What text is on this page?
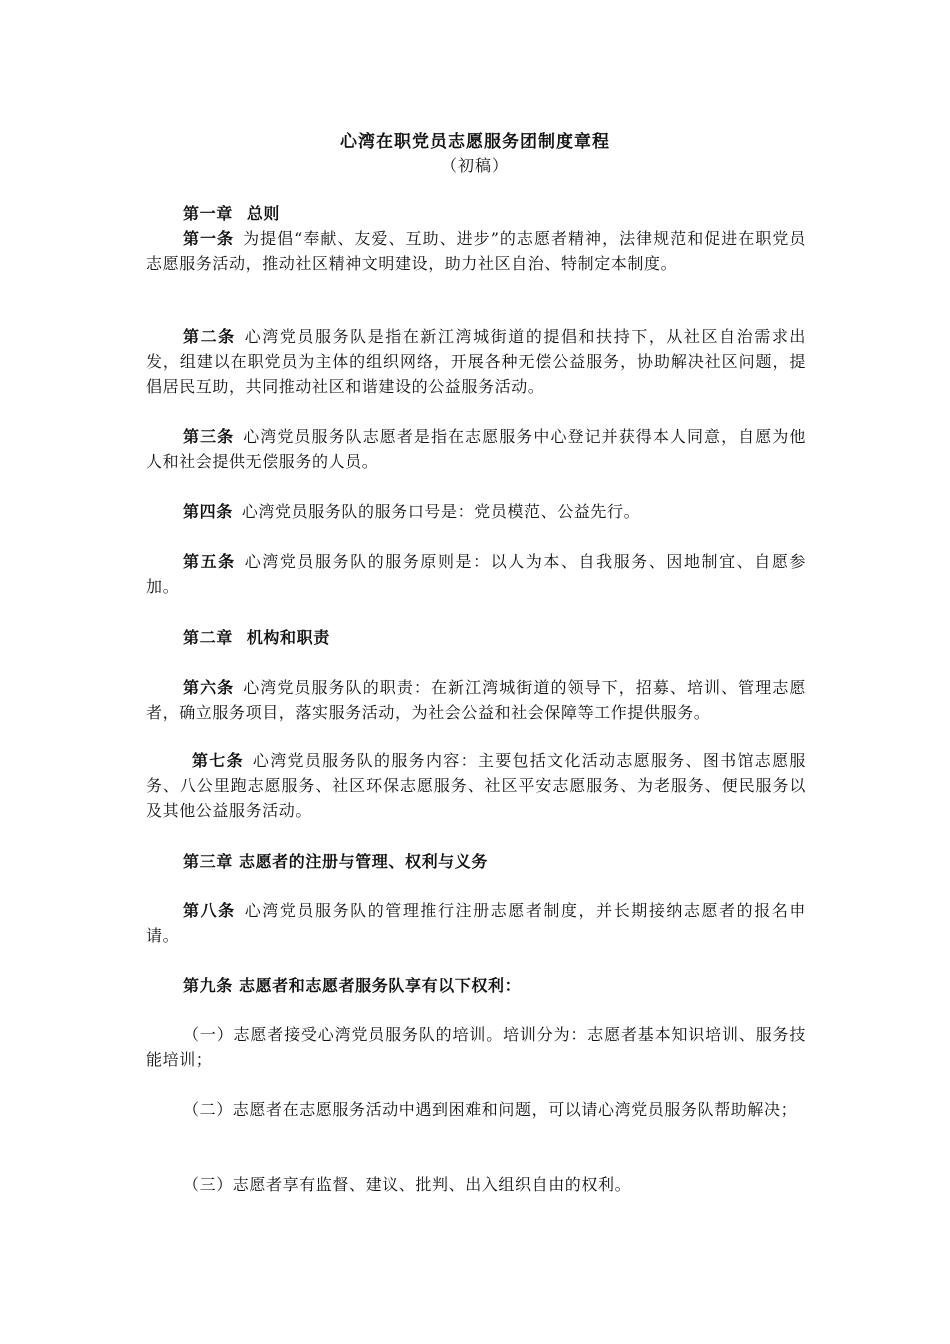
心湾在职党员志愿服务团制度章程
（初稿）
第一章 总则
第一条 为提倡“奉献、友爱、互助、进步”的志愿者精神，法律规范和促进在职党员志愿服务活动，推动社区精神文明建设，助力社区自治、特制定本制度。
第二条 心湾党员服务队是指在新江湾城街道的提倡和扶持下，从社区自治需求出发，组建以在职党员为主体的组织网络，开展各种无偿公益服务，协助解决社区问题，提倡居民互助，共同推动社区和谐建设的公益服务活动。
第三条 心湾党员服务队志愿者是指在志愿服务中心登记并获得本人同意，自愿为他人和社会提供无偿服务的人员。
第四条 心湾党员服务队的服务口号是：党员模范、公益先行。
第五条 心湾党员服务队的服务原则是：以人为本、自我服务、因地制宜、自愿参加。
第二章 机构和职责
第六条 心湾党员服务队的职责：在新江湾城街道的领导下，招募、培训、管理志愿者，确立服务项目，落实服务活动，为社会公益和社会保障等工作提供服务。
第七条 心湾党员服务队的服务内容：主要包括文化活动志愿服务、图书馆志愿服务、八公里跑志愿服务、社区环保志愿服务、社区平安志愿服务、为老服务、便民服务以及其他公益服务活动。
第三章 志愿者的注册与管理、权利与义务
第八条 心湾党员服务队的管理推行注册志愿者制度，并长期接纳志愿者的报名申请。
第九条 志愿者和志愿者服务队享有以下权利：
（一）志愿者接受心湾党员服务队的培训。培训分为：志愿者基本知识培训、服务技能培训；
（二）志愿者在志愿服务活动中遇到困难和问题，可以请心湾党员服务队帮助解决；
（三）志愿者享有监督、建议、批判、出入组织自由的权利。
